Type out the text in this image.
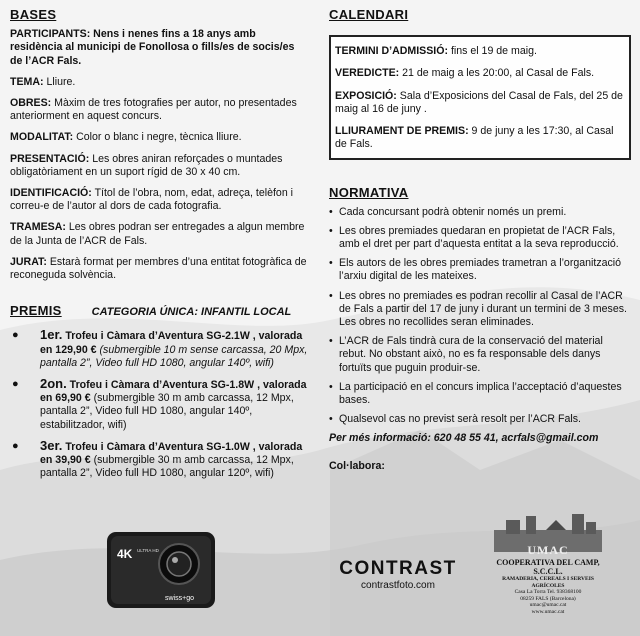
BASES

PARTICIPANTS: Nens i nenes fins a 18 anys amb residència al municipi de Fonollosa o fills/es de socis/es de l’ACR Fals.

TEMA: Lliure.

OBRES: Màxim de tres fotografies per autor, no presentades anteriorment en aquest concurs.

MODALITAT: Color o blanc i negre, tècnica lliure.

PRESENTACIÓ: Les obres aniran reforçades o muntades obligatòriament en un suport rígid de 30 x 40 cm.

IDENTIFICACIÓ: Títol de l’obra, nom, edat, adreça, telèfon i correu-e de l’autor al dors de cada fotografia.

TRAMESA: Les obres podran ser entregades a algun membre de la Junta de l’ACR de Fals.

JURAT: Estarà format per membres d’una entitat fotogràfica de reconeguda solvència.

PREMIS	CATEGORIA ÚNICA: INFANTIL LOCAL
● 1er. Trofeu i Càmara d’Aventura SG-2.1W , valorada en 129,90 € (submergible 10 m sense carcassa, 20 Mpx, pantalla 2”, Video full HD 1080, angular 140º, wifi)
● 2on. Trofeu i Càmara d’Aventura SG-1.8W , valorada en 69,90 € (submergible 30 m amb carcassa, 12 Mpx, pantalla 2”, Video full HD 1080, angular 140º, estabilitzador, wifi)
● 3er. Trofeu i Càmara d’Aventura SG-1.0W , valorada en 39,90 € (submergible 30 m amb carcassa, 12 Mpx, pantalla 2”, Video full HD 1080, angular 120º, wifi)
4K ULTRA HD
swiss+go

CALENDARI

TERMINI D’ADMISSIÓ: fins el 19 de maig.

VEREDICTE: 21 de maig a les 20:00, al Casal de Fals.

EXPOSICIÓ: Sala d’Exposicions del Casal de Fals, del 25 de maig al 16 de juny .

LLIURAMENT DE PREMIS: 9 de juny a les 17:30, al Casal de Fals.

NORMATIVA

• Cada concursant podrà obtenir només un premi.
• Les obres premiades quedaran en propietat de l’ACR Fals, amb el dret per part d’aquesta entitat a la seva reproducció.
• Els autors de les obres premiades trametran a l’organització l’arxiu digital de les mateixes.
• Les obres no premiades es podran recollir al Casal de l’ACR de Fals a partir del 17 de juny i durant un termini de 3 meses. Les obres no recollides seran eliminades.
• L’ACR de Fals tindrà cura de la conservació del material rebut. No obstant això, no es fa responsable dels danys fortuïts que puguin produir-se.
• La participació en el concurs implica l’acceptació d’aquestes bases.
• Qualsevol cas no previst serà resolt per l’ACR Fals.

Per més informació: 620 48 55 41, acrfals@gmail.com

Col·labora:

CONTRAST
contrastfoto.com
UMAC
COOPERATIVA DEL CAMP, S.C.C.L.
RAMADERIA, CEREALS I SERVEIS AGRÍCOLES
Casa La Torra Tel. 938368100
08259 FALS (Barcelona)
umac@umac.cat
www.umac.cat
